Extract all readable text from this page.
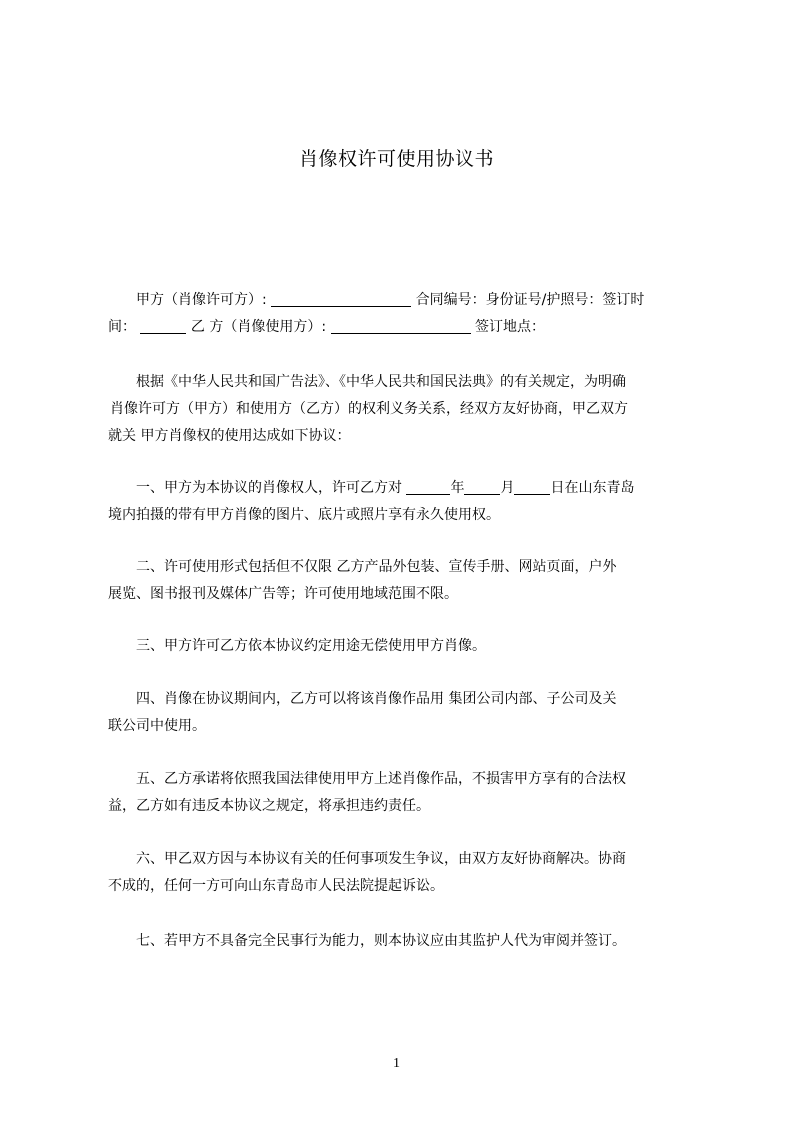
肖像权许可使用协议书
甲方（肖像许可方）:	合同编号：身份证号/护照号：签订时
间：	乙 方（肖像使用方）:	签订地点：
根据《中华人民共和国广告法》、《中华人民共和国民法典》的有关规定，为明确
肖像许可方（甲方）和使用方（乙方）的权利义务关系，经双方友好协商，甲乙双方
就关 甲方肖像权的使用达成如下协议：
一、甲方为本协议的肖像权人，许可乙方对	年	月	日在山东青岛
境内拍摄的带有甲方肖像的图片、底片或照片享有永久使用权。
二、许可使用形式包括但不仅限 乙方产品外包装、宣传手册、网站页面，户外
展览、图书报刊及媒体广告等；许可使用地域范围不限。
三、甲方许可乙方依本协议约定用途无偿使用甲方肖像。
四、肖像在协议期间内，乙方可以将该肖像作品用 集团公司内部、子公司及关
联公司中使用。
五、乙方承诺将依照我国法律使用甲方上述肖像作品，不损害甲方享有的合法权
益，乙方如有违反本协议之规定，将承担违约责任。
六、甲乙双方因与本协议有关的任何事项发生争议，由双方友好协商解决。协商
不成的，任何一方可向山东青岛市人民法院提起诉讼。
七、若甲方不具备完全民事行为能力，则本协议应由其监护人代为审阅并签订。
1
